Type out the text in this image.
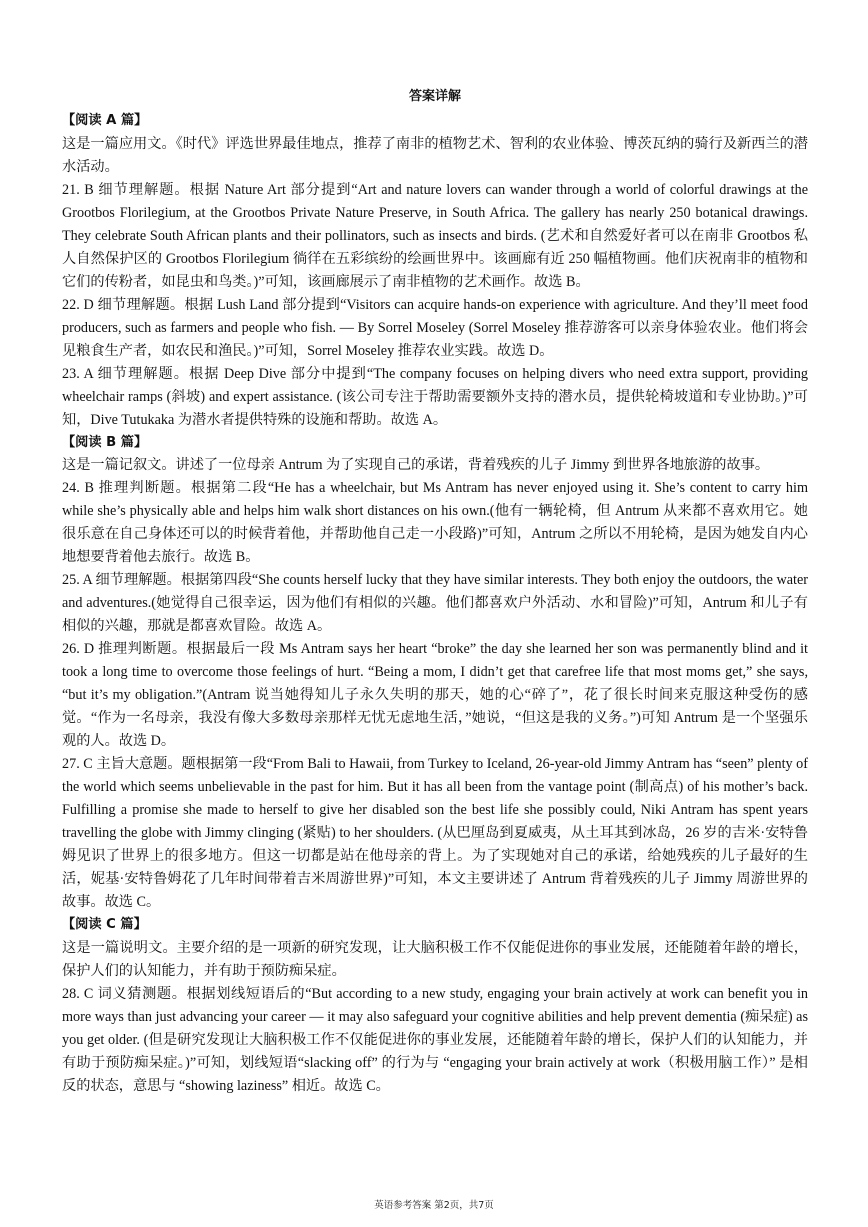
答案详解
【阅读 A 篇】
这是一篇应用文。《时代》评选世界最佳地点，推荐了南非的植物艺术、智利的农业体验、博茨瓦纳的骑行及新西兰的潜水活动。
21. B 细节理解题。根据 Nature Art 部分提到“Art and nature lovers can wander through a world of colorful drawings at the Grootbos Florilegium, at the Grootbos Private Nature Preserve, in South Africa. The gallery has nearly 250 botanical drawings. They celebrate South African plants and their pollinators, such as insects and birds. (艺术和自然爱好者可以在南非 Grootbos 私人自然保护区的 Grootbos Florilegium 徜徉在五彩缤纷的绘画世界中。该画廊有近 250 幅植物画。他们庆祝南非的植物和它们的传粉者，如昆虫和鸟类。)”可知，该画廊展示了南非植物的艺术画作。故选 B。
22. D 细节理解题。根据 Lush Land 部分提到“Visitors can acquire hands-on experience with agriculture. And they’ll meet food producers, such as farmers and people who fish. — By Sorrel Moseley (Sorrel Moseley 推荐游客可以亲身体验农业。他们将会见粮食生产者，如农民和渔民。)”可知，Sorrel Moseley 推荐农业实践。故选 D。
23. A 细节理解题。根据 Deep Dive 部分中提到“The company focuses on helping divers who need extra support, providing wheelchair ramps (斜坡) and expert assistance. (该公司专注于帮助需要额外支持的潜水员，提供轮椅坡道和专业协助。)”可知，Dive Tutukaka 为潜水者提供特殊的设施和帮助。故选 A。
【阅读 B 篇】
这是一篇记叙文。讲述了一位母亲 Antrum 为了实现自己的承诺，背着残疾的儿子 Jimmy 到世界各地旅游的故事。
24. B 推理判断题。根据第二段“He has a wheelchair, but Ms Antram has never enjoyed using it. She’s content to carry him while she’s physically able and helps him walk short distances on his own.(他有一辆轮椅，但 Antrum 从来都不喜欢用它。她很乐意在自己身体还可以的时候背着他，并帮助他自己走一小段路)”可知，Antrum 之所以不用轮椅，是因为她发自内心地想要背着他去旅行。故选 B。
25. A 细节理解题。根据第四段“She counts herself lucky that they have similar interests. They both enjoy the outdoors, the water and adventures.(她觉得自己很幸运，因为他们有相似的兴趣。他们都喜欢户外活动、水和冒险)”可知，Antrum 和儿子有相似的兴趣，那就是都喜欢冒险。故选 A。
26. D 推理判断题。根据最后一段 Ms Antram says her heart “broke” the day she learned her son was permanently blind and it took a long time to overcome those feelings of hurt. “Being a mom, I didn’t get that carefree life that most moms get,” she says, “but it’s my obligation.”(Antram 说当她得知儿子永久失明的那天，她的心“碎了”，花了很长时间来克服这种受伤的感觉。“作为一名母亲，我没有像大多数母亲那样无忧无虑地生活，”她说，“但这是我的义务。”)可知 Antrum 是一个坚强乐观的人。故选 D。
27. C 主旨大意题。题根据第一段“From Bali to Hawaii, from Turkey to Iceland, 26-year-old Jimmy Antram has “seen” plenty of the world which seems unbelievable in the past for him. But it has all been from the vantage point (制高点) of his mother’s back. Fulfilling a promise she made to herself to give her disabled son the best life she possibly could, Niki Antram has spent years travelling the globe with Jimmy clinging (紧贴) to her shoulders. (从巴厘岛到夏威夷，从土耳其到冰岛，26 岁的吉米·安特鲁姆见识了世界上的很多地方。但这一切都是站在他母亲的背上。为了实现她对自己的承诺，给她残疾的儿子最好的生活，妮基·安特鲁姆花了几年时间带着吉米周游世界)”可知，本文主要讲述了 Antrum 背着残疾的儿子 Jimmy 周游世界的故事。故选 C。
【阅读 C 篇】
这是一篇说明文。主要介绍的是一项新的研究发现，让大脑积极工作不仅能促进你的事业发展，还能随着年龄的增长，保护人们的认知能力，并有助于预防痴呆症。
28. C 词义猜测题。根据划线短语后的“But according to a new study, engaging your brain actively at work can benefit you in more ways than just advancing your career — it may also safeguard your cognitive abilities and help prevent dementia (痴呆症) as you get older. (但是研究发现让大脑积极工作不仅能促进你的事业发展，还能随着年龄的增长，保护人们的认知能力，并有助于预防痴呆症。)”可知，划线短语“slacking off” 的行为与 “engaging your brain actively at work（积极用脑工作）” 是相反的状态，意思与 “showing laziness” 相近。故选 C。
英语参考答案 第2页，共7页
